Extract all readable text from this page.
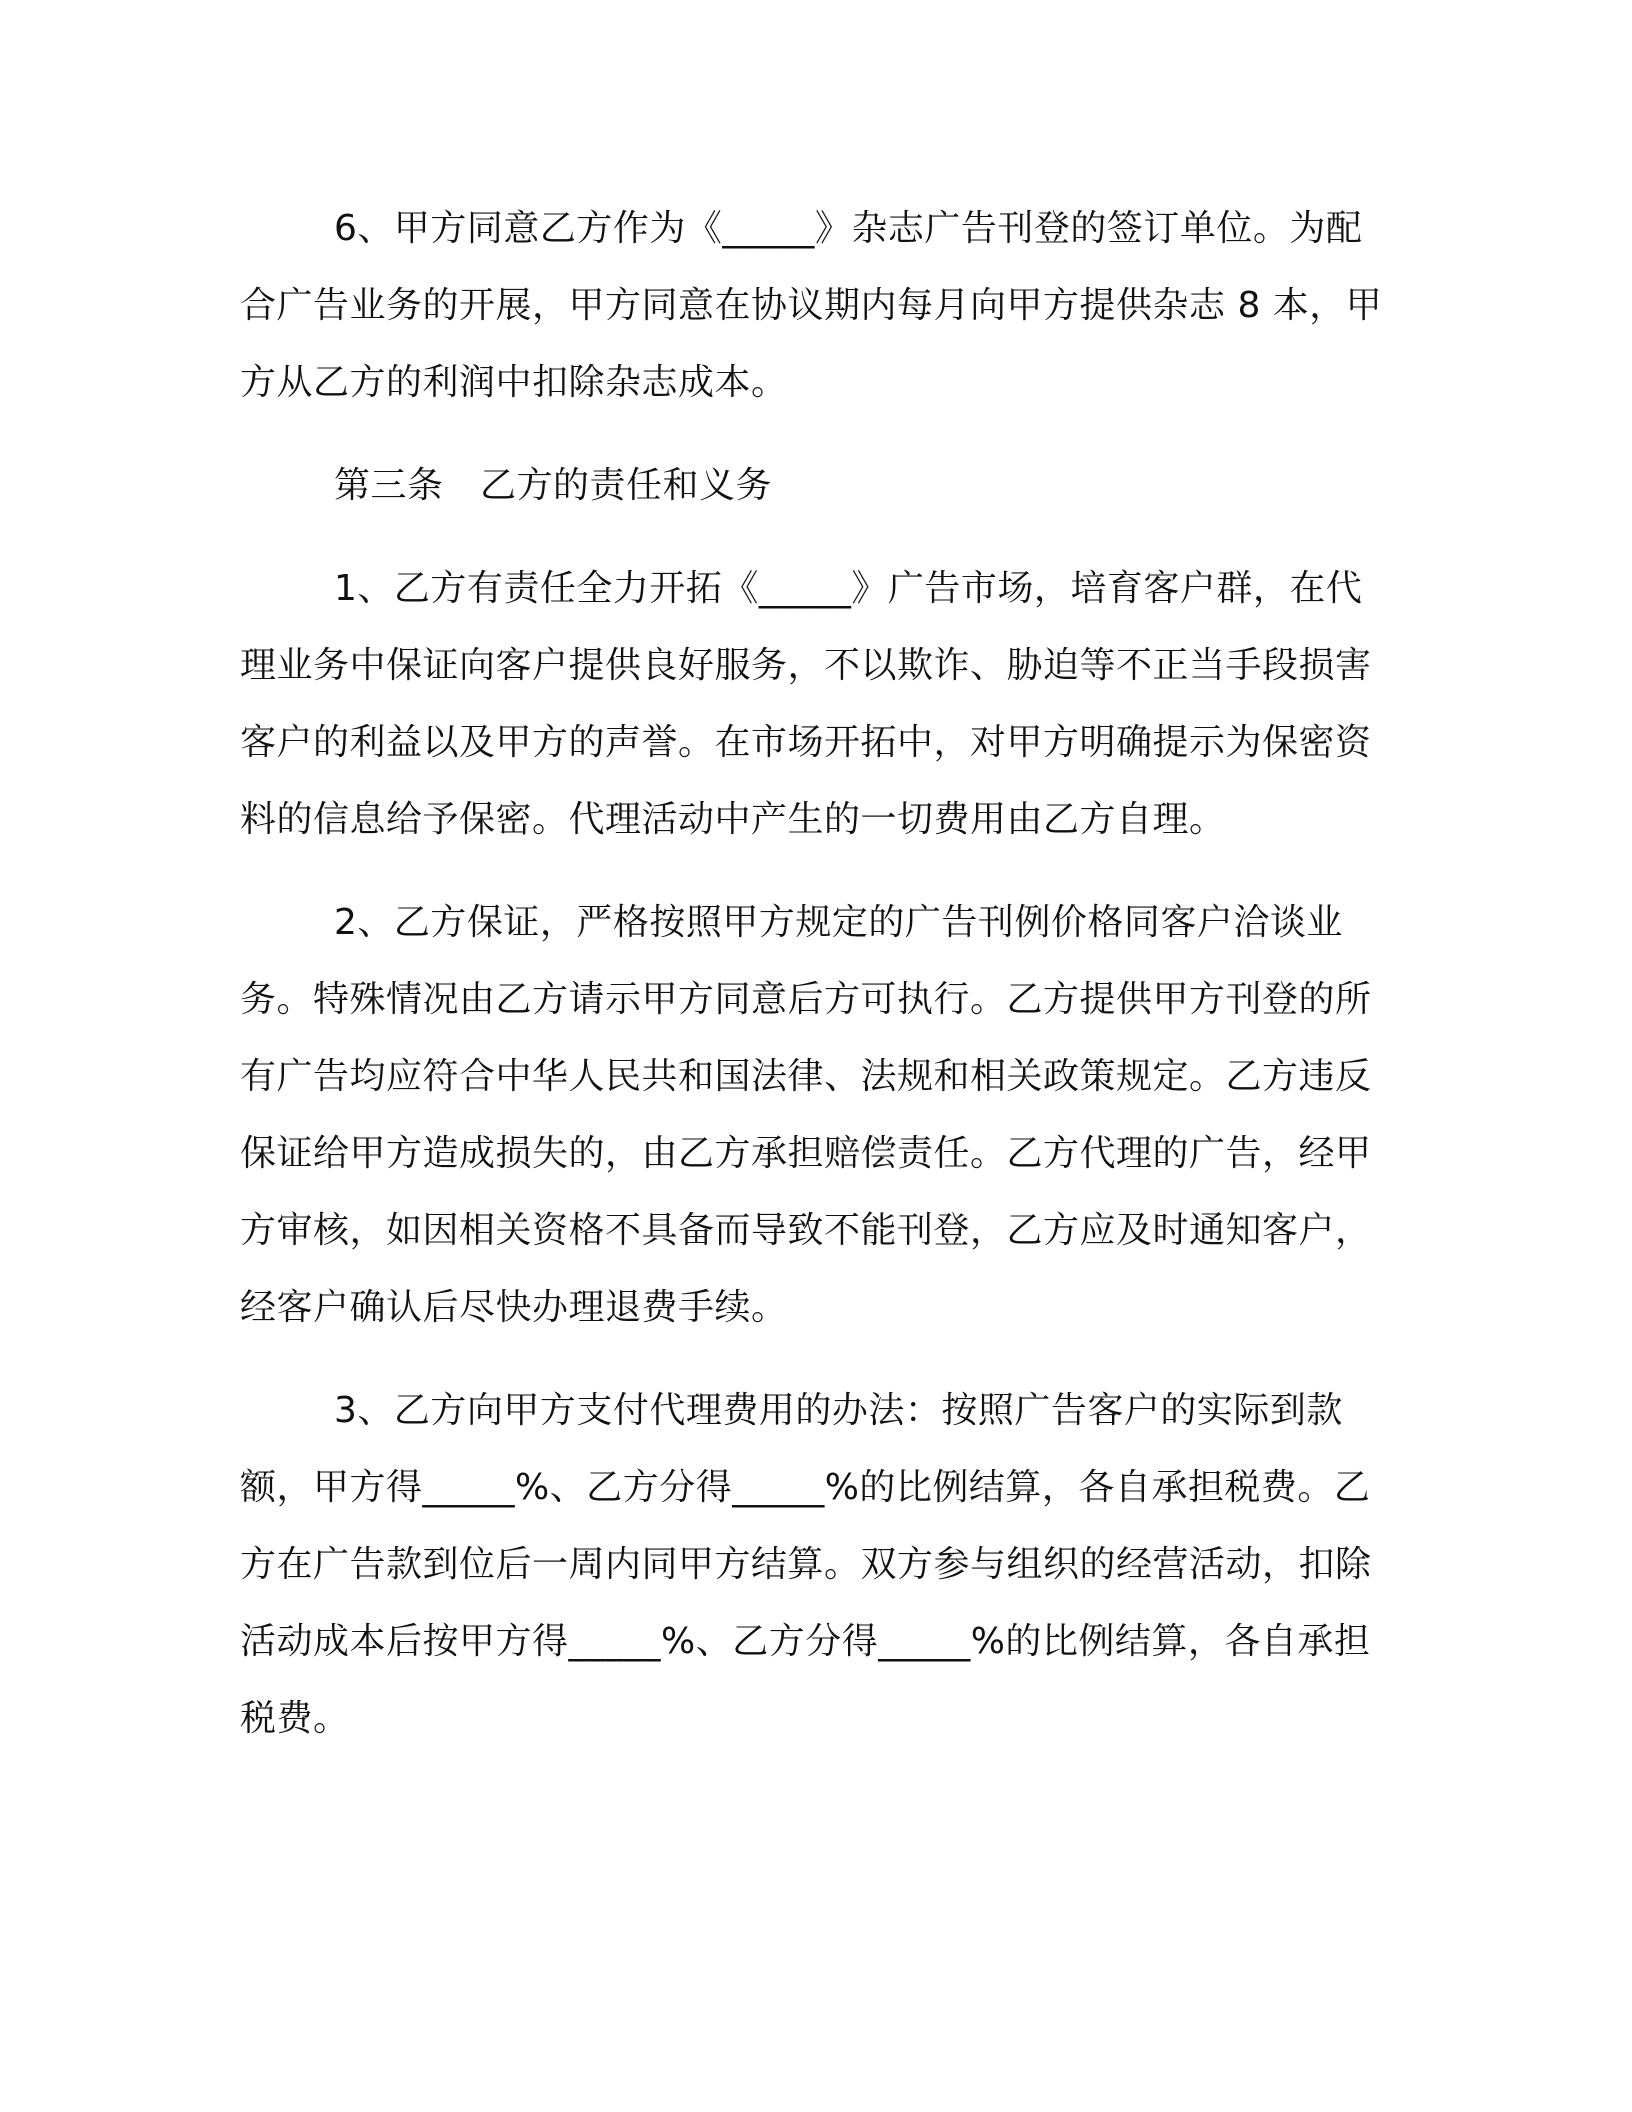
6、甲方同意乙方作为《_____》杂志广告刊登的签订单位。为配合广告业务的开展，甲方同意在协议期内每月向甲方提供杂志 8 本，甲方从乙方的利润中扣除杂志成本。

第三条　乙方的责任和义务

1、乙方有责任全力开拓《_____》广告市场，培育客户群，在代理业务中保证向客户提供良好服务，不以欺诈、胁迫等不正当手段损害客户的利益以及甲方的声誉。在市场开拓中，对甲方明确提示为保密资料的信息给予保密。代理活动中产生的一切费用由乙方自理。

2、乙方保证，严格按照甲方规定的广告刊例价格同客户洽谈业务。特殊情况由乙方请示甲方同意后方可执行。乙方提供甲方刊登的所有广告均应符合中华人民共和国法律、法规和相关政策规定。乙方违反保证给甲方造成损失的，由乙方承担赔偿责任。乙方代理的广告，经甲方审核，如因相关资格不具备而导致不能刊登，乙方应及时通知客户，经客户确认后尽快办理退费手续。

3、乙方向甲方支付代理费用的办法：按照广告客户的实际到款额，甲方得_____%、乙方分得_____%的比例结算，各自承担税费。乙方在广告款到位后一周内同甲方结算。双方参与组织的经营活动，扣除活动成本后按甲方得_____%、乙方分得_____%的比例结算，各自承担税费。
